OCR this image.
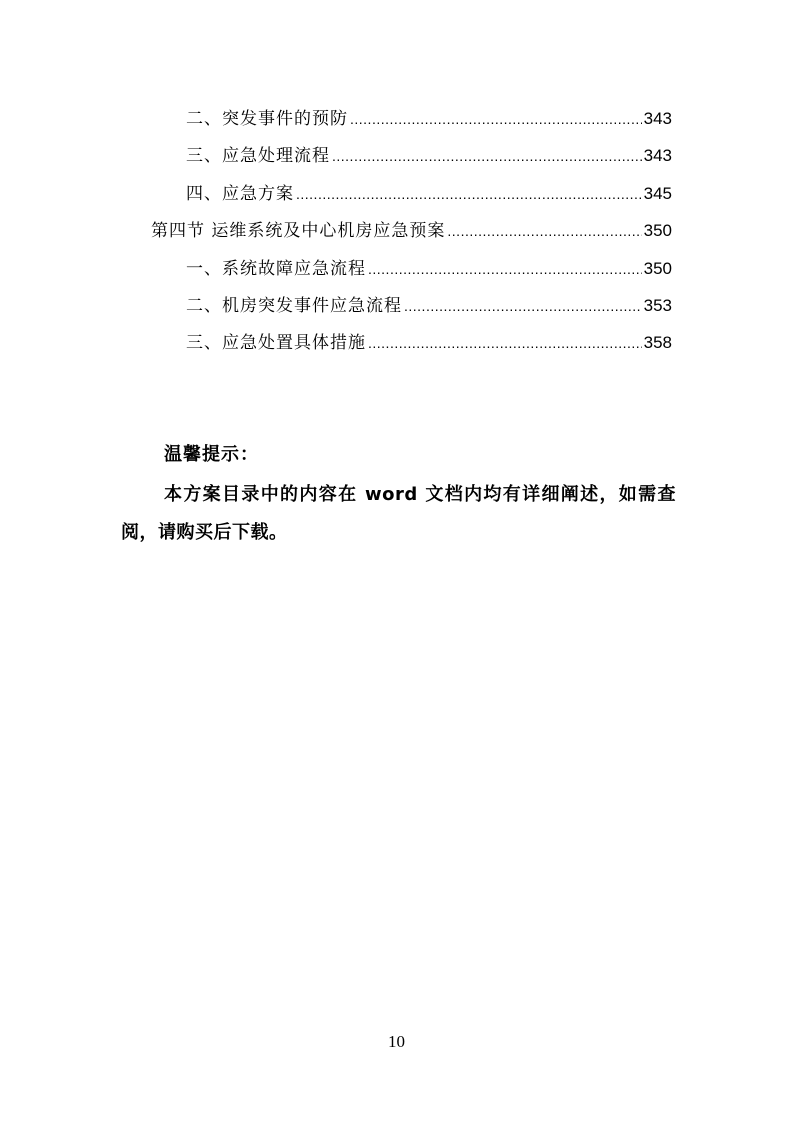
二、突发事件的预防 .....	343
三、应急处理流程 .....	343
四、应急方案 .....	345
第四节 运维系统及中心机房应急预案 .....	350
一、系统故障应急流程 .....	350
二、机房突发事件应急流程 .....	353
三、应急处置具体措施 .....	358
温馨提示：
本方案目录中的内容在 word 文档内均有详细阐述，如需查阅，请购买后下载。
10
